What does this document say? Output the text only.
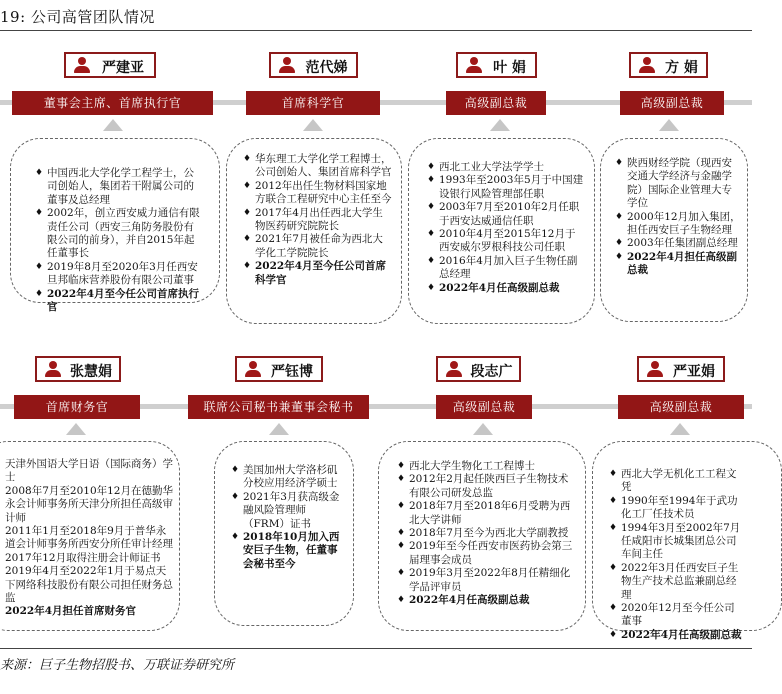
19: 公司高管团队情况
严建亚
董事会主席、首席执行官
♦ 中国西北大学化学工程学士，公司创始人，集团若干附属公司的董事及总经理
♦ 2002年，创立西安威力通信有限责任公司（西安三角防务股份有限公司的前身），并自2015年起任董事长
♦ 2019年8月至2020年3月任西安旦邦临床营养股份有限公司董事
♦ 2022年4月至今任公司首席执行官
范代娣
首席科学官
♦ 华东理工大学化学工程博士，公司创始人、集团首席科学官
♦ 2012年出任生物材料国家地方联合工程研究中心主任至今
♦ 2017年4月出任西北大学生物医药研究院院长
♦ 2021年7月被任命为西北大学化工学院院长
♦ 2022年4月至今任公司首席科学官
叶 娟
高级副总裁
♦ 西北工业大学法学学士
♦ 1993年至2003年5月于中国建设银行风险管理部任职
♦ 2003年7月至2010年2月任职于西安达威通信任职
♦ 2010年4月至2015年12月于西安威尔罗根科技公司任职
♦ 2016年4月加入巨子生物任副总经理
♦ 2022年4月任高级副总裁
方 娟
高级副总裁
♦ 陕西财经学院（现西安交通大学经济与金融学院）国际企业管理大专学位
♦ 2000年12月加入集团，担任西安巨子生物经理
♦ 2003年任集团副总经理
♦ 2022年4月担任高级副总裁
张慧娟
首席财务官
天津外国语大学日语（国际商务）学士
2008年7月至2010年12月在德勤华永会计师事务所天津分所担任高级审计师
2011年1月至2018年9月于普华永道会计师事务所西安分所任审计经理
2017年12月取得注册会计师证书
2019年4月至2022年1月于易点天下网络科技股份有限公司担任财务总监
2022年4月担任首席财务官
严钰博
联席公司秘书兼董事会秘书
♦ 美国加州大学洛杉矶分校应用经济学硕士
♦ 2021年3月获高级金融风险管理师（FRM）证书
♦ 2018年10月加入西安巨子生物，任董事会秘书至今
段志广
高级副总裁
♦ 西北大学生物化工工程博士
♦ 2012年2月起任陕西巨子生物技术有限公司研发总监
♦ 2018年7月至2018年6月受聘为西北大学讲师
♦ 2018年7月至今为西北大学副教授
♦ 2019年至今任西安市医药协会第三届理事会成员
♦ 2019年3月至2022年8月任精细化学品评审员
♦ 2022年4月任高级副总裁
严亚娟
高级副总裁
♦ 西北大学无机化工工程文凭
♦ 1990年至1994年于武功化工厂任技术员
♦ 1994年3月至2002年7月任咸阳市长城集团总公司车间主任
♦ 2022年3月任西安巨子生物生产技术总监兼副总经理
♦ 2020年12月至今任公司董事
♦ 2022年4月任高级副总裁
来源：巨子生物招股书、万联证券研究所
